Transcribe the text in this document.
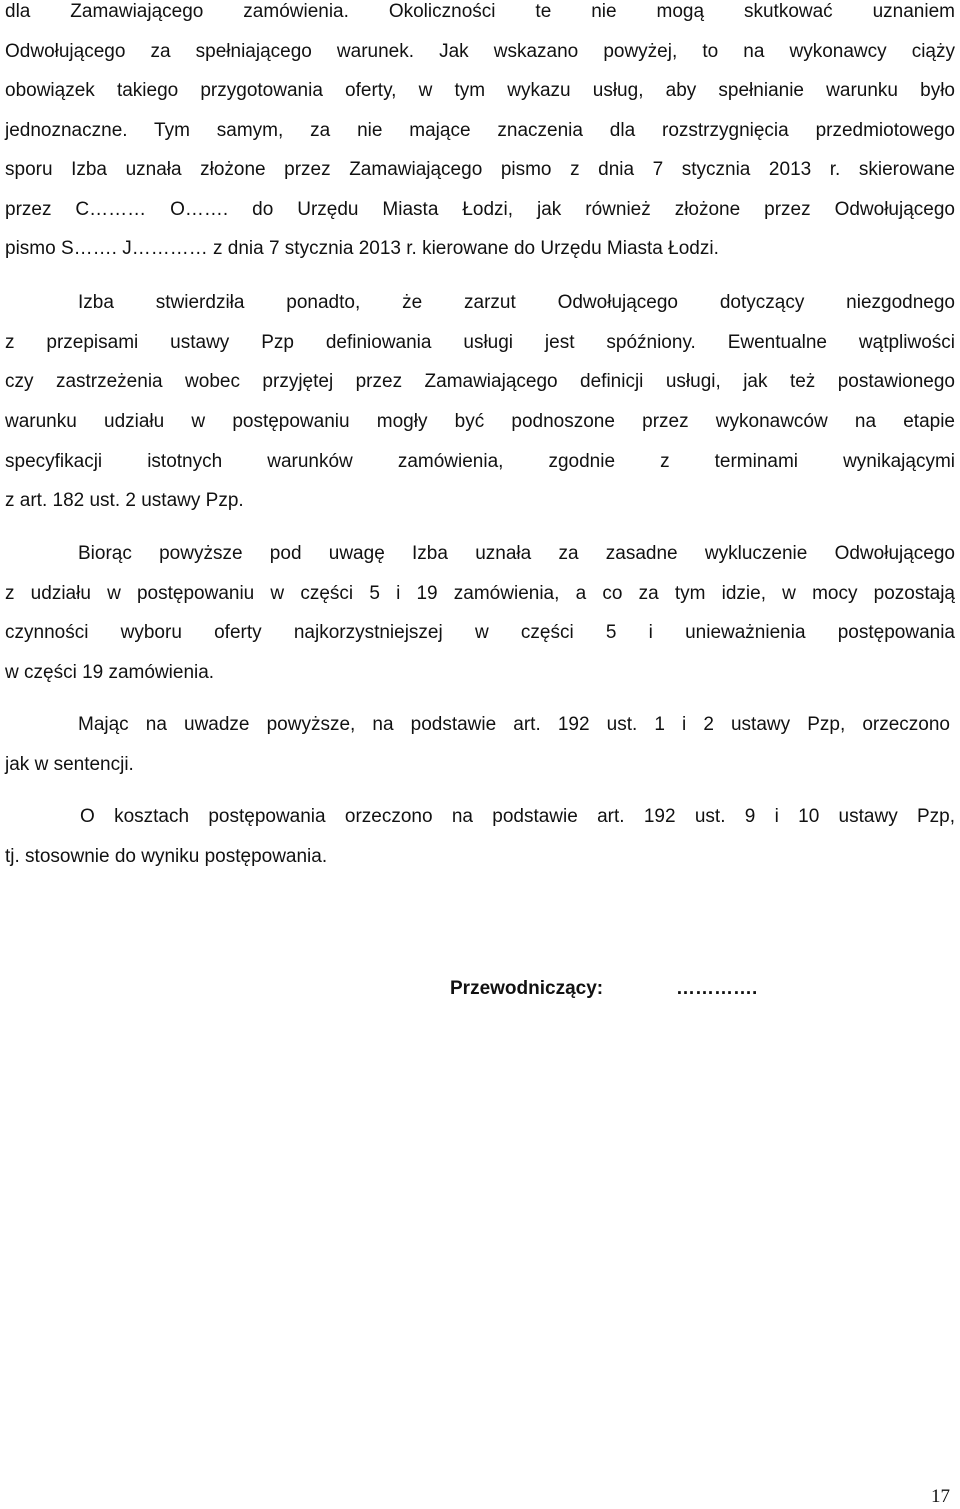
dla Zamawiającego zamówienia. Okoliczności te nie mogą skutkować uznaniem
Odwołującego za spełniającego warunek. Jak wskazano powyżej, to na wykonawcy ciąży
obowiązek takiego przygotowania oferty, w tym wykazu usług, aby spełnianie warunku było
jednoznaczne. Tym samym, za nie mające znaczenia dla rozstrzygnięcia przedmiotowego
sporu Izba uznała złożone przez Zamawiającego pismo z dnia 7 stycznia 2013 r. skierowane
przez C……… O……. do Urzędu Miasta Łodzi, jak również złożone przez Odwołującego
pismo S……. J………… z dnia 7 stycznia 2013 r. kierowane do Urzędu Miasta Łodzi.
Izba stwierdziła ponadto, że zarzut Odwołującego dotyczący niezgodnego
z przepisami ustawy Pzp definiowania usługi jest spóźniony. Ewentualne wątpliwości
czy zastrzeżenia wobec przyjętej przez Zamawiającego definicji usługi, jak też postawionego
warunku udziału w postępowaniu mogły być podnoszone przez wykonawców na etapie
specyfikacji istotnych warunków zamówienia, zgodnie z terminami wynikającymi
z art. 182 ust. 2 ustawy Pzp.
Biorąc powyższe pod uwagę Izba uznała za zasadne wykluczenie Odwołującego
z udziału w postępowaniu w części 5 i 19 zamówienia, a co za tym idzie, w mocy pozostają
czynności wyboru oferty najkorzystniejszej w części 5 i unieważnienia postępowania
w części 19 zamówienia.
Mając na uwadze powyższe, na podstawie art. 192 ust. 1 i 2 ustawy Pzp, orzeczono
jak w sentencji.
O kosztach postępowania orzeczono na podstawie art. 192 ust. 9 i 10 ustawy Pzp,
tj. stosownie do wyniku postępowania.
Przewodniczący:	………….
17
